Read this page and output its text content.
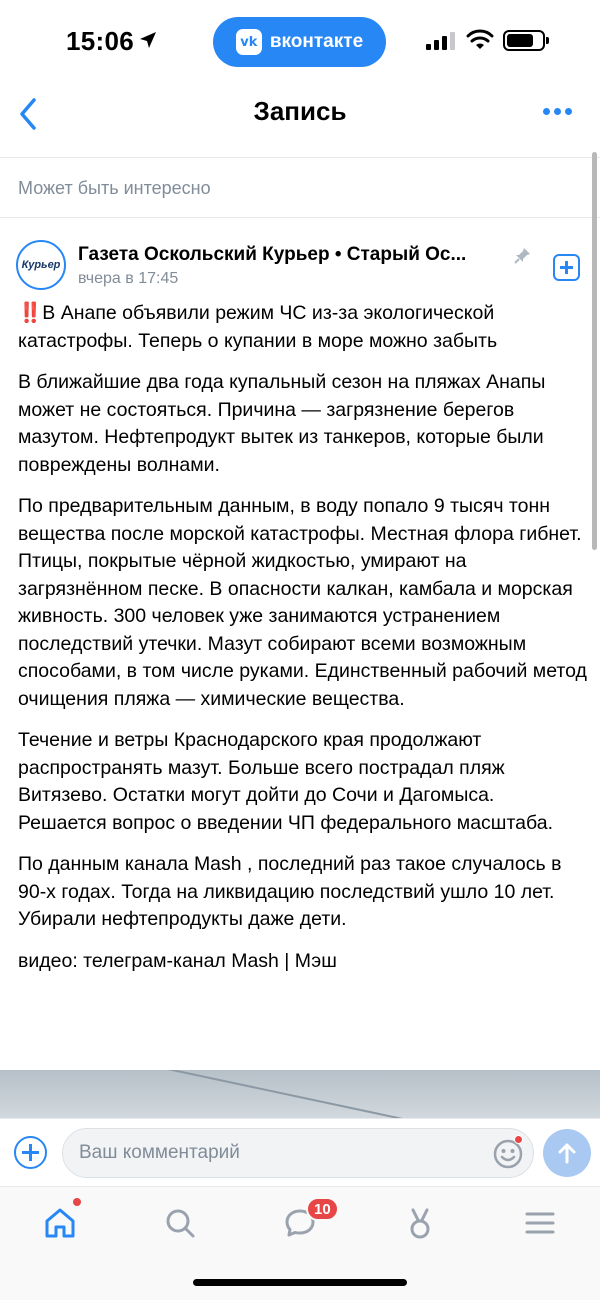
15:06	vk вконтакте
Запись
Может быть интересно
Курьер Газета Оскольский Курьер • Старый Ос...
вчера в 17:45

‼️В Анапе объявили режим ЧС из-за экологической катастрофы. Теперь о купании в море можно забыть

В ближайшие два года купальный сезон на пляжах Анапы может не состояться. Причина — загрязнение берегов мазутом. Нефтепродукт вытек из танкеров, которые были повреждены волнами.

По предварительным данным, в воду попало 9 тысяч тонн вещества после морской катастрофы. Местная флора гибнет. Птицы, покрытые чёрной жидкостью, умирают на загрязнённом песке. В опасности калкан, камбала и морская живность. 300 человек уже занимаются устранением последствий утечки. Мазут собирают всеми возможным способами, в том числе руками. Единственный рабочий метод очищения пляжа — химические вещества.

Течение и ветры Краснодарского края продолжают распространять мазут. Больше всего пострадал пляж Витязево. Остатки могут дойти до Сочи и Дагомыса. Решается вопрос о введении ЧП федерального масштаба.

По данным канала Mash , последний раз такое случалось в 90-х годах. Тогда на ликвидацию последствий ушло 10 лет. Убирали нефтепродукты даже дети.

видео: телеграм-канал Mash | Мэш

Ваш комментарий
10
